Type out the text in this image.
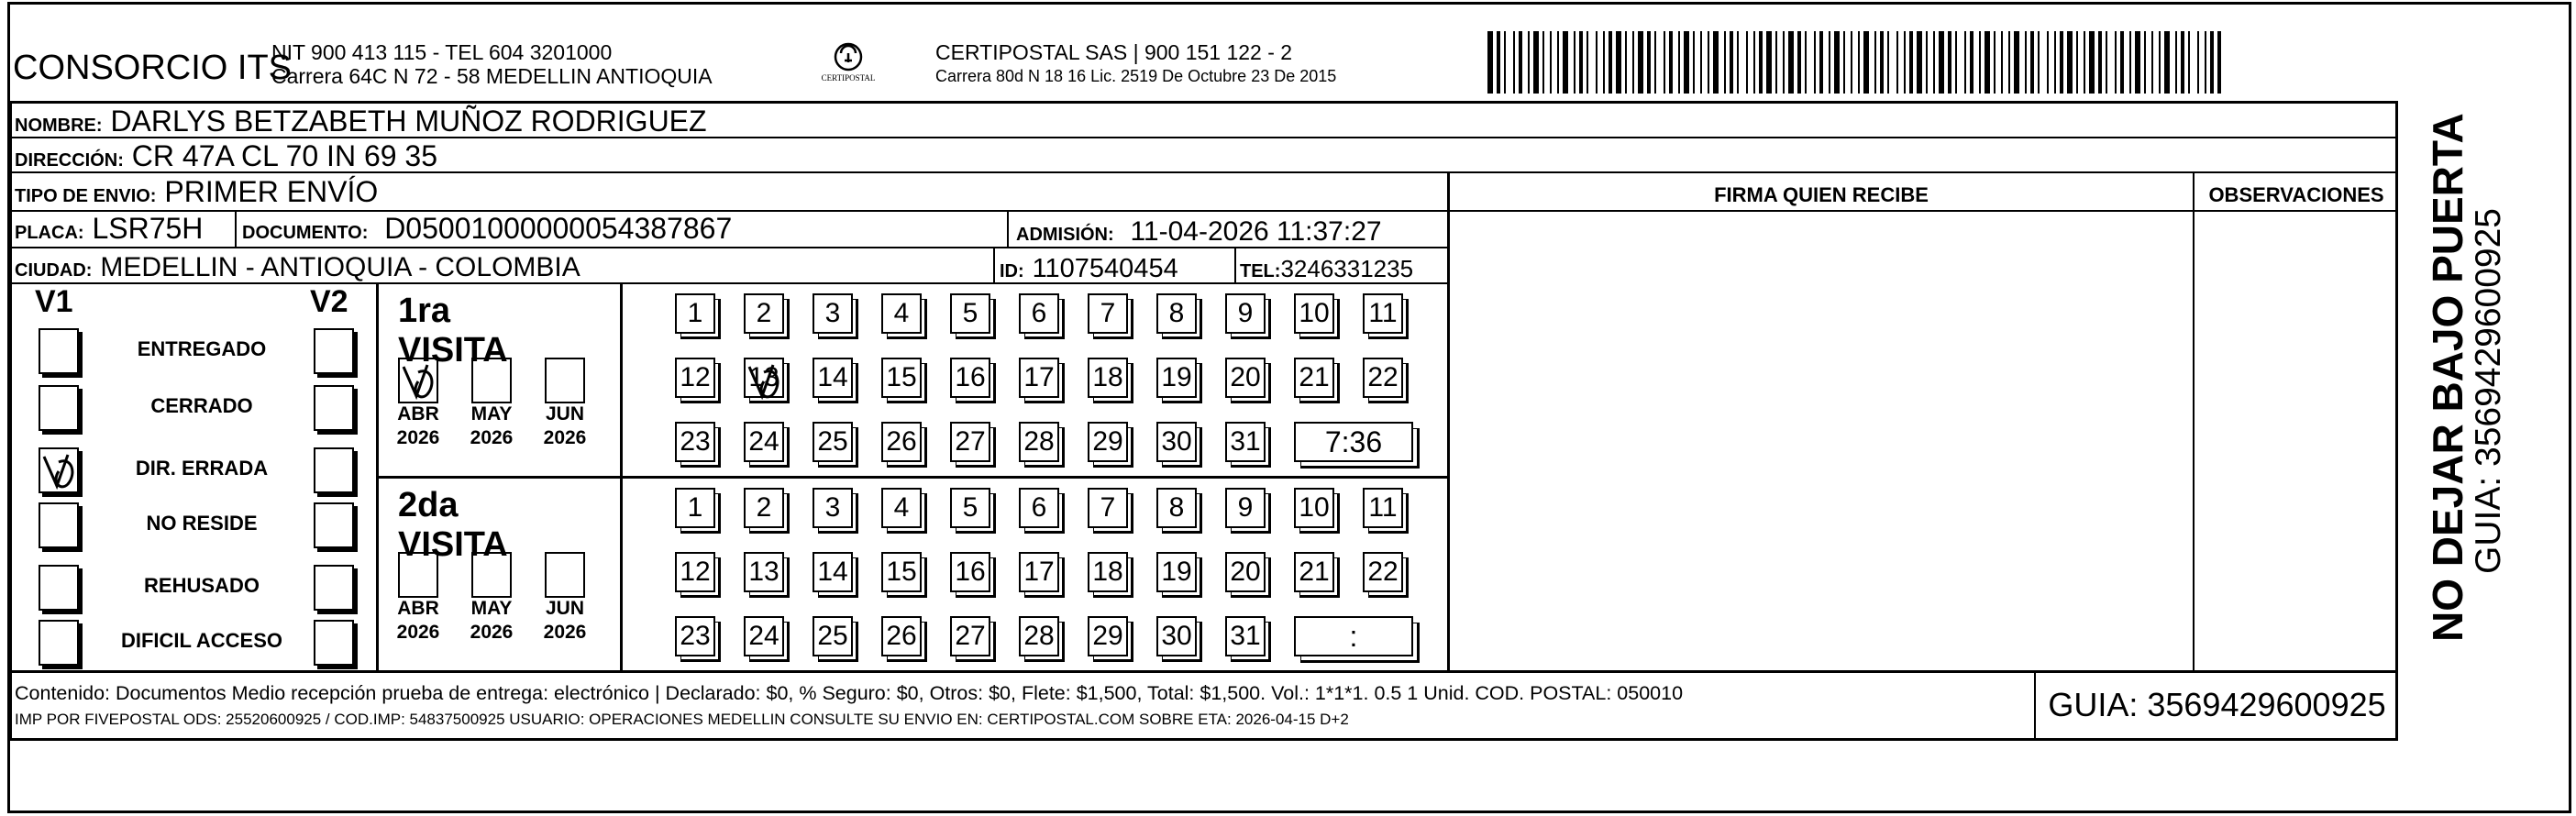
CONSORCIO ITS
NIT 900 413 115 - TEL 604 3201000
Carrera 64C N 72 - 58 MEDELLIN ANTIOQUIA	CERTIPOSTAL
CERTIPOSTAL SAS | 900 151 122 - 2
Carrera 80d N 18 16 Lic. 2519 De Octubre 23 De 2015
NOMBRE: DARLYS BETZABETH MUÑOZ RODRIGUEZ
DIRECCIÓN: CR 47A CL 70 IN 69 35
TIPO DE ENVIO: PRIMER ENVÍO
PLACA: LSR75H DOCUMENTO: D05001000000054387867	ADMISIÓN: 11-04-2026 11:37:27
CIUDAD: MEDELLIN - ANTIOQUIA - COLOMBIA	ID: 1107540454	TEL:3246331235
FIRMA QUIEN RECIBE	OBSERVACIONES
V1	V2
ENTREGADO
CERRADO
DIR. ERRADA
NO RESIDE
REHUSADO
DIFICIL ACCESO
1ra VISITA
ABR
2026
MAY
2026
JUN
2026
1	2	3	4	5	6	7	8	9	10 11
12 13 14 15 16 17 18 19 20 21 22
23 24 25 26 27 28 29 30 31	7:36
2da VISITA
ABR
2026
MAY
2026
JUN
2026
1	2	3	4	5	6	7	8	9	10 11
12 13 14 15 16 17 18 19 20 21 22
23 24 25 26 27 28 29 30 31	:
Contenido: Documentos Medio recepción prueba de entrega: electrónico | Declarado: $0, % Seguro: $0, Otros: $0, Flete: $1,500, Total: $1,500. Vol.: 1*1*1. 0.5 1 Unid. COD. POSTAL: 050010
IMP POR FIVEPOSTAL ODS: 25520600925 / COD.IMP: 54837500925 USUARIO: OPERACIONES MEDELLIN CONSULTE SU ENVIO EN: CERTIPOSTAL.COM SOBRE ETA: 2026-04-15 D+2	GUIA: 3569429600925
NO DEJAR BAJO PUERTA
GUIA: 3569429600925
